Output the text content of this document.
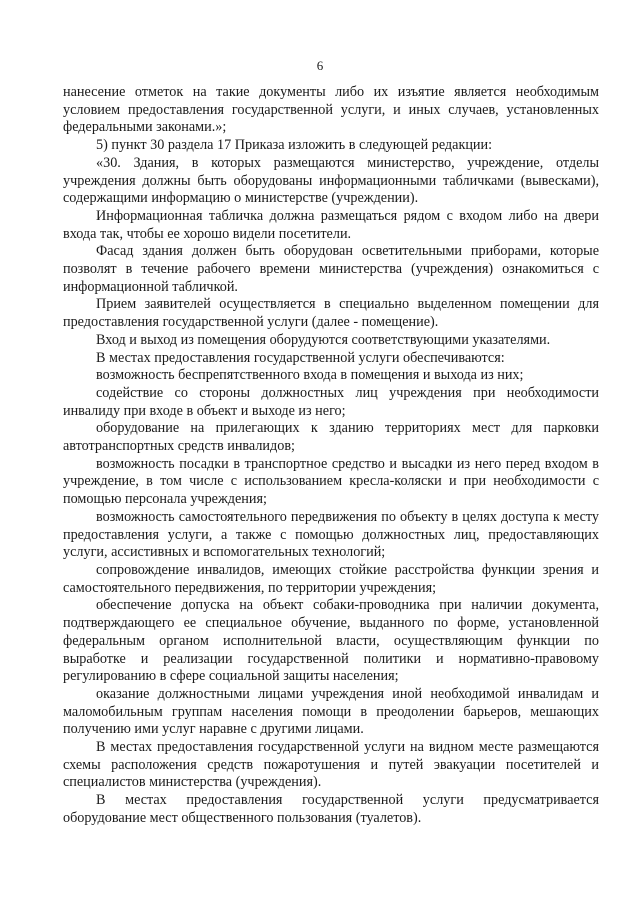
6

нанесение отметок на такие документы либо их изъятие является необходимым условием предоставления государственной услуги, и иных случаев, установленных федеральными законами.»;

5) пункт 30 раздела 17 Приказа изложить в следующей редакции:

«30. Здания, в которых размещаются министерство, учреждение, отделы учреждения должны быть оборудованы информационными табличками (вывесками), содержащими информацию о министерстве (учреждении).

Информационная табличка должна размещаться рядом с входом либо на двери входа так, чтобы ее хорошо видели посетители.

Фасад здания должен быть оборудован осветительными приборами, которые позволят в течение рабочего времени министерства (учреждения) ознакомиться с информационной табличкой.

Прием заявителей осуществляется в специально выделенном помещении для предоставления государственной услуги (далее - помещение).

Вход и выход из помещения оборудуются соответствующими указателями.

В местах предоставления государственной услуги обеспечиваются:

возможность беспрепятственного входа в помещения и выхода из них;

содействие со стороны должностных лиц учреждения при необходимости инвалиду при входе в объект и выходе из него;

оборудование на прилегающих к зданию территориях мест для парковки автотранспортных средств инвалидов;

возможность посадки в транспортное средство и высадки из него перед входом в учреждение, в том числе с использованием кресла-коляски и при необходимости с помощью персонала учреждения;

возможность самостоятельного передвижения по объекту в целях доступа к месту предоставления услуги, а также с помощью должностных лиц, предоставляющих услуги, ассистивных и вспомогательных технологий;

сопровождение инвалидов, имеющих стойкие расстройства функции зрения и самостоятельного передвижения, по территории учреждения;

обеспечение допуска на объект собаки-проводника при наличии документа, подтверждающего ее специальное обучение, выданного по форме, установленной федеральным органом исполнительной власти, осуществляющим функции по выработке и реализации государственной политики и нормативно-правовому регулированию в сфере социальной защиты населения;

оказание должностными лицами учреждения иной необходимой инвалидам и маломобильным группам населения помощи в преодолении барьеров, мешающих получению ими услуг наравне с другими лицами.

В местах предоставления государственной услуги на видном месте размещаются схемы расположения средств пожаротушения и путей эвакуации посетителей и специалистов министерства (учреждения).

В местах предоставления государственной услуги предусматривается оборудование мест общественного пользования (туалетов).
